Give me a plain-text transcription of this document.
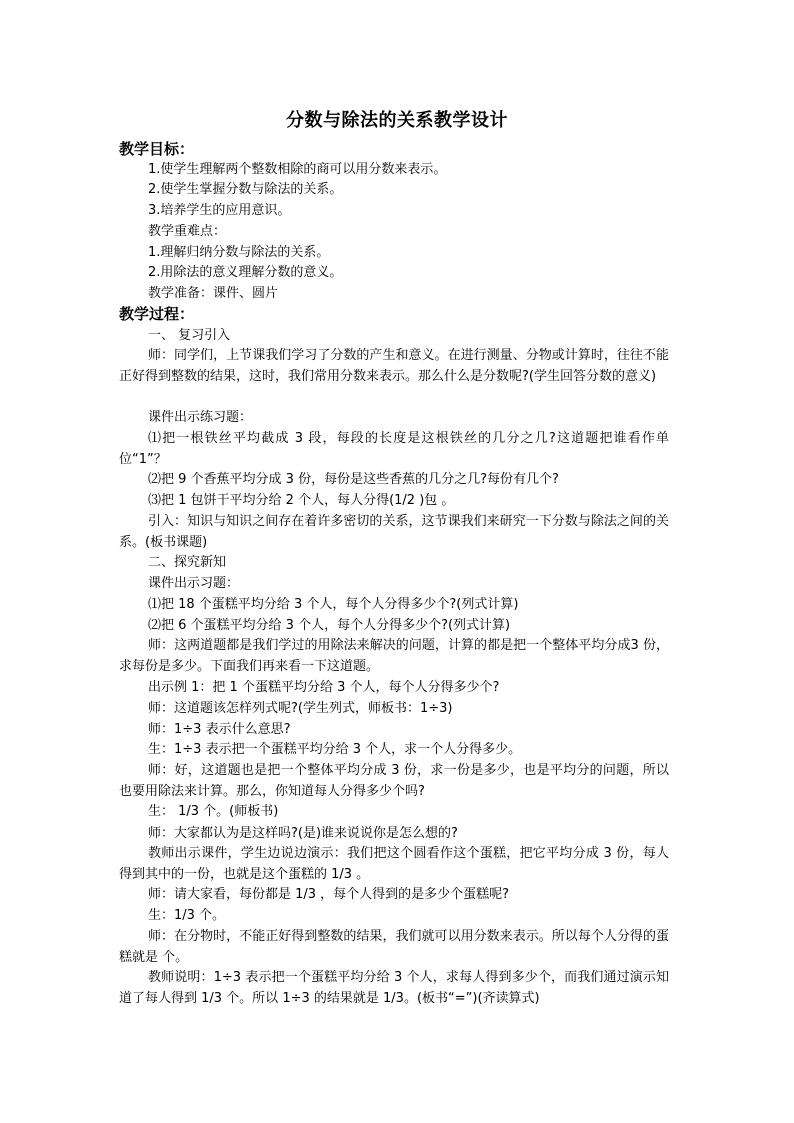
分数与除法的关系教学设计
教学目标：
1.使学生理解两个整数相除的商可以用分数来表示。
2.使学生掌握分数与除法的关系。
3.培养学生的应用意识。
教学重难点：
1.理解归纳分数与除法的关系。
2.用除法的意义理解分数的意义。
教学准备：课件、圆片
教学过程：
一、 复习引入
师：同学们，上节课我们学习了分数的产生和意义。在进行测量、分物或计算时，往往不能正好得到整数的结果，这时，我们常用分数来表示。那么什么是分数呢?(学生回答分数的意义)
课件出示练习题：
⑴把一根铁丝平均截成 3 段，每段的长度是这根铁丝的几分之几?这道题把谁看作单位“1”？
⑵把 9 个香蕉平均分成 3 份，每份是这些香蕉的几分之几?每份有几个?
⑶把 1 包饼干平均分给 2 个人，每人分得(1/2 )包 。
引入：知识与知识之间存在着许多密切的关系，这节课我们来研究一下分数与除法之间的关系。(板书课题)
二、探究新知
课件出示习题：
⑴把 18 个蛋糕平均分给 3 个人，每个人分得多少个?(列式计算)
⑵把 6 个蛋糕平均分给 3 个人，每个人分得多少个?(列式计算)
师：这两道题都是我们学过的用除法来解决的问题，计算的都是把一个整体平均分成3 份，求每份是多少。下面我们再来看一下这道题。
出示例 1：把 1 个蛋糕平均分给 3 个人，每个人分得多少个?
师：这道题该怎样列式呢?(学生列式，师板书：1÷3)
师：1÷3 表示什么意思?
生：1÷3 表示把一个蛋糕平均分给 3 个人，求一个人分得多少。
师：好，这道题也是把一个整体平均分成 3 份，求一份是多少，也是平均分的问题，所以也要用除法来计算。那么，你知道每人分得多少个吗?
生： 1/3 个。(师板书)
师：大家都认为是这样吗?(是)谁来说说你是怎么想的?
教师出示课件，学生边说边演示：我们把这个圆看作这个蛋糕，把它平均分成 3 份，每人得到其中的一份，也就是这个蛋糕的 1/3 。
师：请大家看，每份都是 1/3 ，每个人得到的是多少个蛋糕呢?
生：1/3 个。
师：在分物时，不能正好得到整数的结果，我们就可以用分数来表示。所以每个人分得的蛋糕就是 个。
教师说明：1÷3 表示把一个蛋糕平均分给 3 个人，求每人得到多少个，而我们通过演示知道了每人得到 1/3 个。所以 1÷3 的结果就是 1/3。(板书“=”)(齐读算式)
